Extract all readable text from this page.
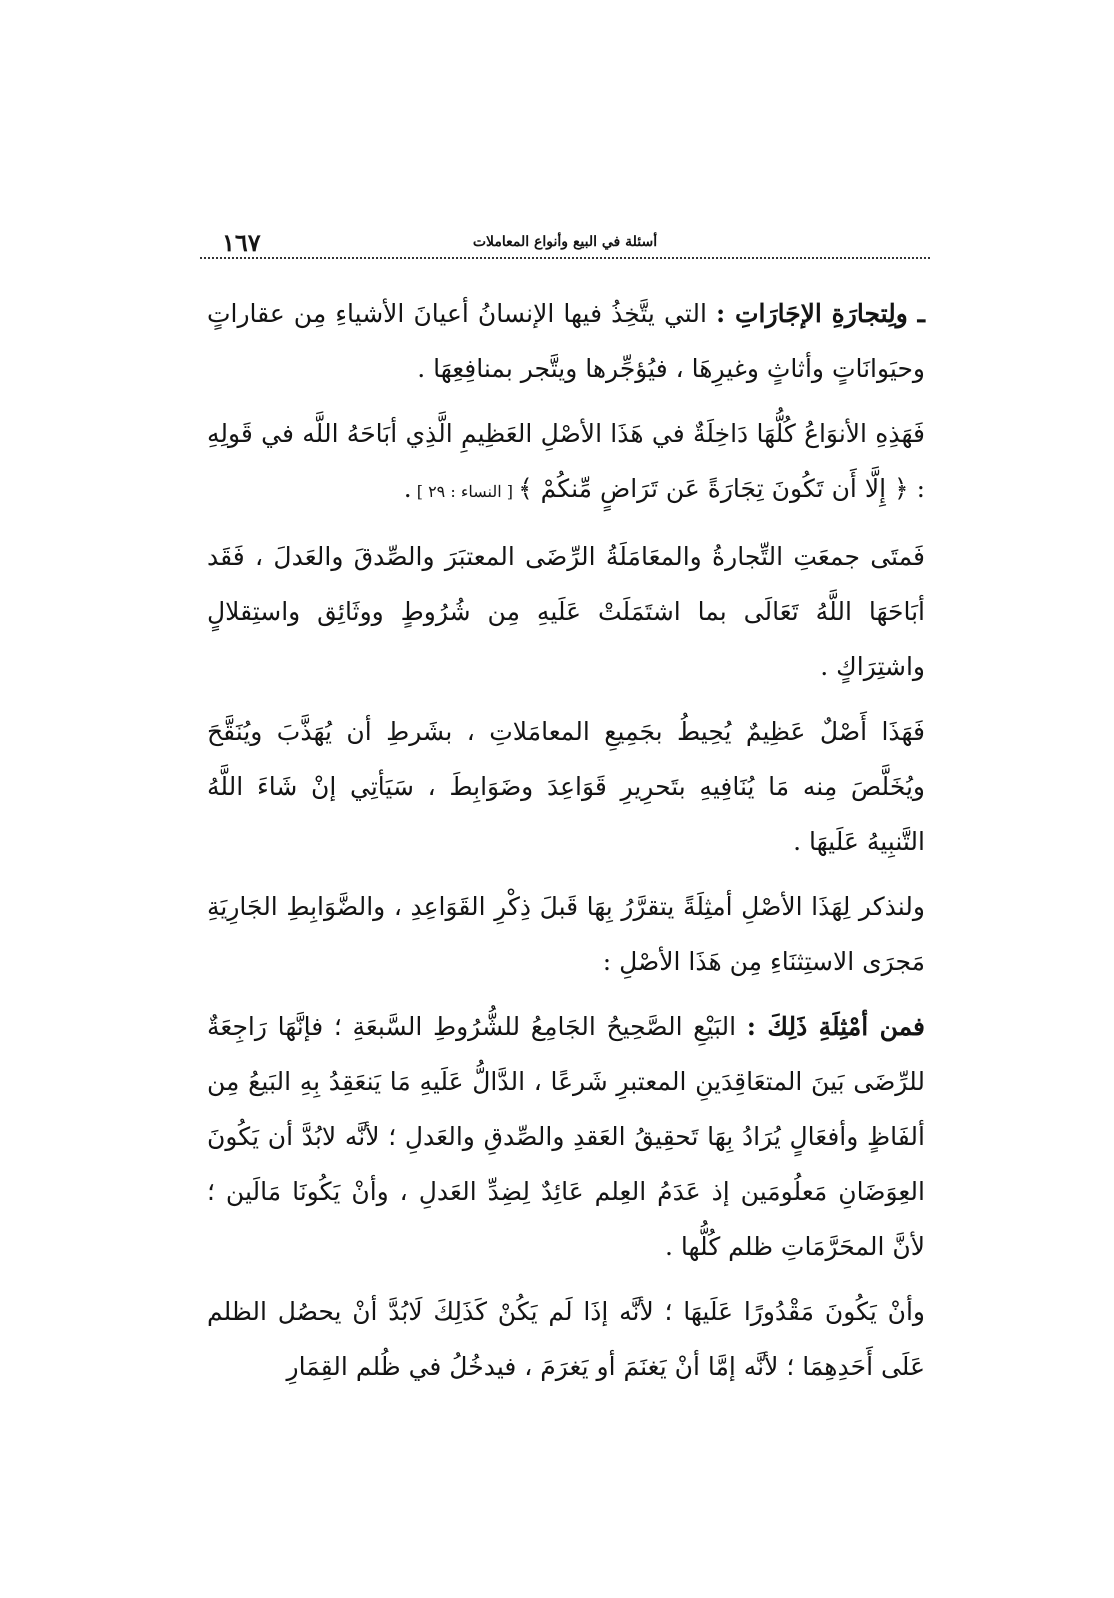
١٦٧	أسئلة في البيع وأنواع المعاملات

ـ ولِتجارَةِ الإجَارَاتِ : التي يتَّخِذُ فيها الإنسانُ أعيانَ الأشياءِ مِن عقاراتٍ وحيَوانَاتٍ وأثاثٍ وغيرِهَا ، فيُؤجِّرها ويتَّجر بمنافِعِهَا .

فَهَذِهِ الأنوَاعُ كُلُّهَا دَاخِلَةٌ في هَذَا الأصْلِ العَظِيمِ الَّذِي أبَاحَهُ اللَّه في قَولِهِ : ﴿ إِلَّا أَن تَكُونَ تِجَارَةً عَن تَرَاضٍ مِّنكُمْ ﴾ [ النساء : ٢٩ ] .

فَمتَى جمعَتِ التِّجارةُ والمعَامَلَةُ الرِّضَى المعتبَرَ والصِّدقَ والعَدلَ ، فَقَد أبَاحَهَا اللَّهُ تَعَالَى بما اشتَمَلَتْ عَلَيهِ مِن شُرُوطٍ ووثَائِق واستِقلالٍ واشتِرَاكٍ .

فَهَذَا أَصْلٌ عَظِيمٌ يُحِيطُ بجَمِيعِ المعامَلاتِ ، بشَرطِ أن يُهَذَّبَ ويُنَقَّحَ ويُخَلَّصَ مِنه مَا يُنَافِيهِ بتَحرِيرِ قَوَاعِدَ وضَوَابِطَ ، سَيَأتِي إنْ شَاءَ اللَّهُ التَّنبِيهُ عَلَيهَا .

ولنذكر لِهَذَا الأصْلِ أمثِلَةً يتقرَّرُ بِهَا قَبلَ ذِكْرِ القَوَاعِدِ ، والضَّوَابِطِ الجَارِيَةِ مَجرَى الاستِثنَاءِ مِن هَذَا الأصْلِ :

فمن أمْثِلَةِ ذَلِكَ : البَيْعِ الصَّحِيحُ الجَامِعُ للشُّرُوطِ السَّبعَةِ ؛ فإنَّهَا رَاجِعَةٌ للرِّضَى بَينَ المتعَاقِدَينِ المعتبرِ شَرعًا ، الدَّالُّ عَلَيهِ مَا يَنعَقِدُ بِهِ البَيعُ مِن ألفَاظٍ وأفعَالٍ يُرَادُ بِهَا تَحقِيقُ العَقدِ والصِّدقِ والعَدلِ ؛ لأنَّه لابُدَّ أن يَكُونَ العِوَضَانِ مَعلُومَين إذ عَدَمُ العِلم عَائِدٌ لِضِدِّ العَدلِ ، وأنْ يَكُونَا مَالَين ؛ لأنَّ المحَرَّمَاتِ ظلم كُلُّها .

وأنْ يَكُونَ مَقْدُورًا عَلَيهَا ؛ لأنَّه إذَا لَم يَكُنْ كَذَلِكَ لَابُدَّ أنْ يحصُل الظلم عَلَى أَحَدِهِمَا ؛ لأنَّه إمَّا أنْ يَغنَمَ أو يَغرَمَ ، فيدخُلُ في ظُلم القِمَارِ
